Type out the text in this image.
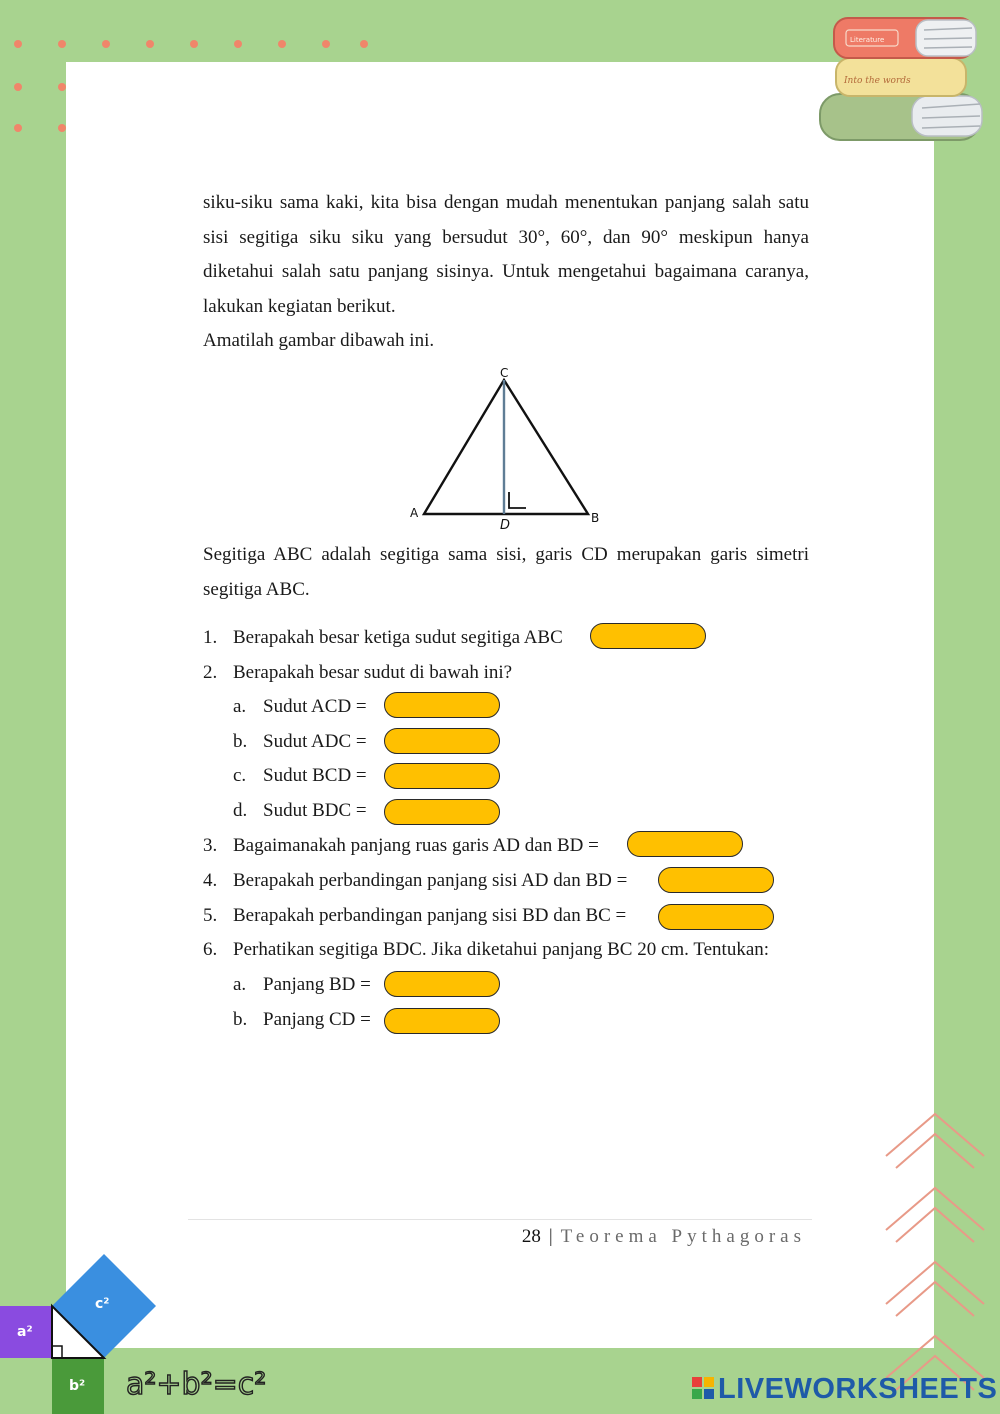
Into the words
Literature

siku-siku sama kaki, kita bisa dengan mudah menentukan panjang salah satu
sisi segitiga siku siku yang bersudut 30°, 60°, dan 90° meskipun hanya
diketahui salah satu panjang sisinya. Untuk mengetahui bagaimana caranya,
lakukan kegiatan berikut.
Amatilah gambar dibawah ini.

C
A	B
D

Segitiga ABC adalah segitiga sama sisi, garis CD merupakan garis simetri
segitiga ABC.

1. Berapakah besar ketiga sudut segitiga ABC
2. Berapakah besar sudut di bawah ini?
a. Sudut ACD =
b. Sudut ADC =
c. Sudut BCD =
d. Sudut BDC =
3. Bagaimanakah panjang ruas garis AD dan BD =
4. Berapakah perbandingan panjang sisi AD dan BD =
5. Berapakah perbandingan panjang sisi BD dan BC =
6. Perhatikan segitiga BDC. Jika diketahui panjang BC 20 cm. Tentukan:
a. Panjang BD =
b. Panjang CD =
28 | Teorema Pythagoras
a²
b²
c²
a²+b²=c²	LIVEWORKSHEETS
